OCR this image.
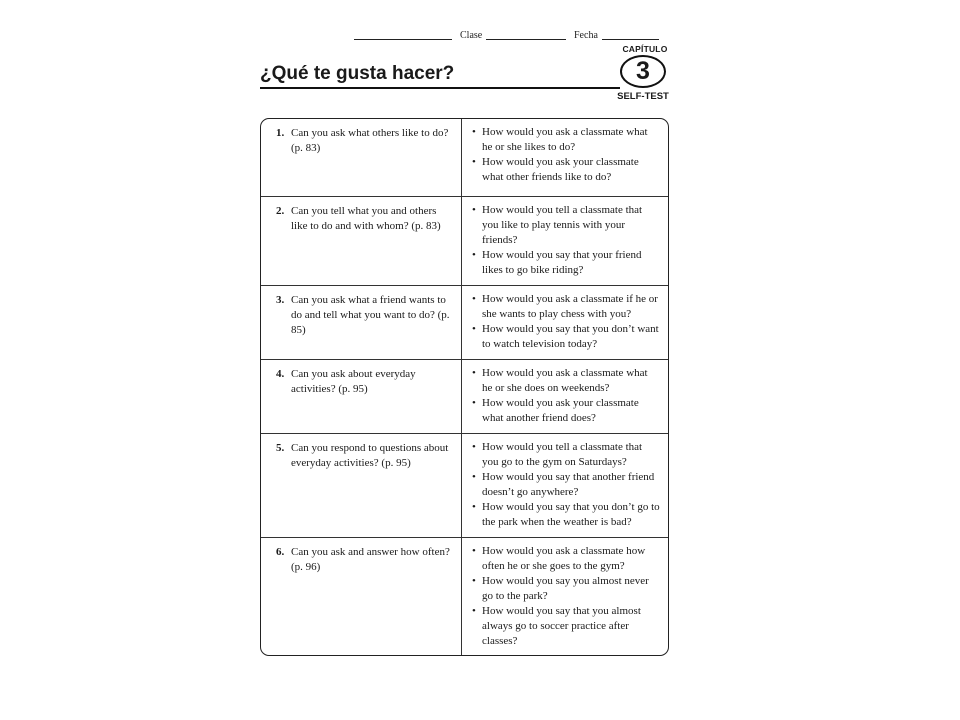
Clase	Fecha
¿Qué te gusta hacer?
CAPÍTULO
3
SELF-TEST
1. Can you ask what others like to do? (p. 83)
• How would you ask a classmate what he or she likes to do?
• How would you ask your classmate what other friends like to do?
2. Can you tell what you and others like to do and with whom? (p. 83)
• How would you tell a classmate that you like to play tennis with your friends?
• How would you say that your friend likes to go bike riding?
3. Can you ask what a friend wants to do and tell what you want to do? (p. 85)
• How would you ask a classmate if he or she wants to play chess with you?
• How would you say that you don’t want to watch television today?
4. Can you ask about everyday activities? (p. 95)
• How would you ask a classmate what he or she does on weekends?
• How would you ask your classmate what another friend does?
5. Can you respond to questions about everyday activities? (p. 95)
• How would you tell a classmate that you go to the gym on Saturdays?
• How would you say that another friend doesn’t go anywhere?
• How would you say that you don’t go to the park when the weather is bad?
6. Can you ask and answer how often? (p. 96)
• How would you ask a classmate how often he or she goes to the gym?
• How would you say you almost never go to the park?
• How would you say that you almost always go to soccer practice after classes?
